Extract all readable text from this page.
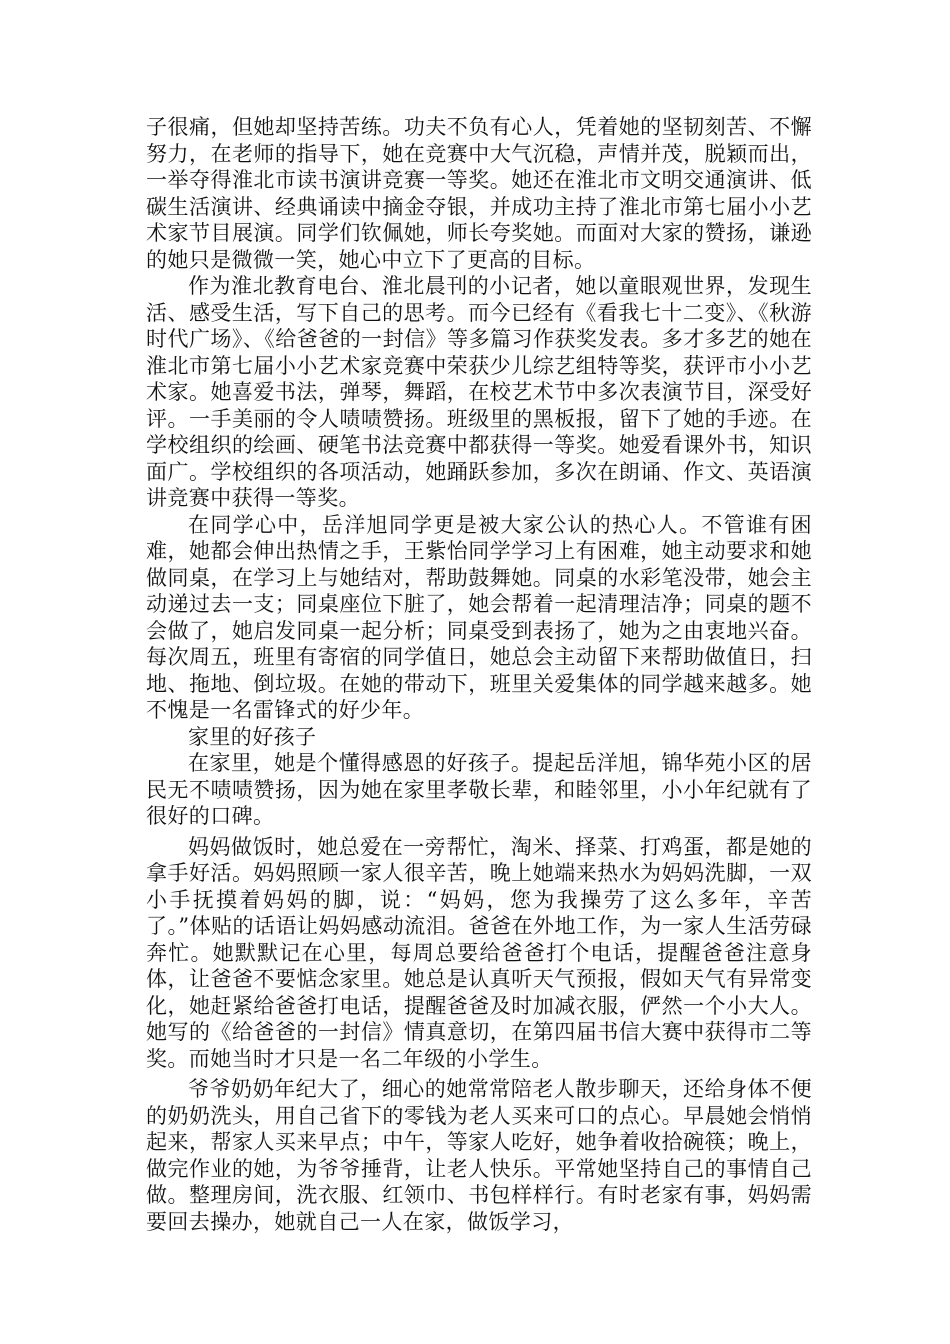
子很痛，但她却坚持苦练。功夫不负有心人，凭着她的坚韧刻苦、不懈努力，在老师的指导下，她在竞赛中大气沉稳，声情并茂，脱颖而出，一举夺得淮北市读书演讲竞赛一等奖。她还在淮北市文明交通演讲、低碳生活演讲、经典诵读中摘金夺银，并成功主持了淮北市第七届小小艺术家节目展演。同学们钦佩她，师长夸奖她。而面对大家的赞扬，谦逊的她只是微微一笑，她心中立下了更高的目标。

作为淮北教育电台、淮北晨刊的小记者，她以童眼观世界，发现生活、感受生活，写下自己的思考。而今已经有《看我七十二变》、《秋游时代广场》、《给爸爸的一封信》等多篇习作获奖发表。多才多艺的她在淮北市第七届小小艺术家竞赛中荣获少儿综艺组特等奖，获评市小小艺术家。她喜爱书法，弹琴，舞蹈，在校艺术节中多次表演节目，深受好评。一手美丽的令人啧啧赞扬。班级里的黑板报，留下了她的手迹。在学校组织的绘画、硬笔书法竞赛中都获得一等奖。她爱看课外书，知识面广。学校组织的各项活动，她踊跃参加，多次在朗诵、作文、英语演讲竞赛中获得一等奖。

在同学心中，岳洋旭同学更是被大家公认的热心人。不管谁有困难，她都会伸出热情之手，王紫怡同学学习上有困难，她主动要求和她做同桌，在学习上与她结对，帮助鼓舞她。同桌的水彩笔没带，她会主动递过去一支；同桌座位下脏了，她会帮着一起清理洁净；同桌的题不会做了，她启发同桌一起分析；同桌受到表扬了，她为之由衷地兴奋。每次周五，班里有寄宿的同学值日，她总会主动留下来帮助做值日，扫地、拖地、倒垃圾。在她的带动下，班里关爱集体的同学越来越多。她不愧是一名雷锋式的好少年。

家里的好孩子

在家里，她是个懂得感恩的好孩子。提起岳洋旭，锦华苑小区的居民无不啧啧赞扬，因为她在家里孝敬长辈，和睦邻里，小小年纪就有了很好的口碑。

妈妈做饭时，她总爱在一旁帮忙，淘米、择菜、打鸡蛋，都是她的拿手好活。妈妈照顾一家人很辛苦，晚上她端来热水为妈妈洗脚，一双小手抚摸着妈妈的脚，说：“妈妈，您为我操劳了这么多年，辛苦了。”体贴的话语让妈妈感动流泪。爸爸在外地工作，为一家人生活劳碌奔忙。她默默记在心里，每周总要给爸爸打个电话，提醒爸爸注意身体，让爸爸不要惦念家里。她总是认真听天气预报，假如天气有异常变化，她赶紧给爸爸打电话，提醒爸爸及时加减衣服，俨然一个小大人。她写的《给爸爸的一封信》情真意切，在第四届书信大赛中获得市二等奖。而她当时才只是一名二年级的小学生。

爷爷奶奶年纪大了，细心的她常常陪老人散步聊天，还给身体不便的奶奶洗头，用自己省下的零钱为老人买来可口的点心。早晨她会悄悄起来，帮家人买来早点；中午，等家人吃好，她争着收拾碗筷；晚上，做完作业的她，为爷爷捶背，让老人快乐。平常她坚持自己的事情自己做。整理房间，洗衣服、红领巾、书包样样行。有时老家有事，妈妈需要回去操办，她就自己一人在家，做饭学习，
